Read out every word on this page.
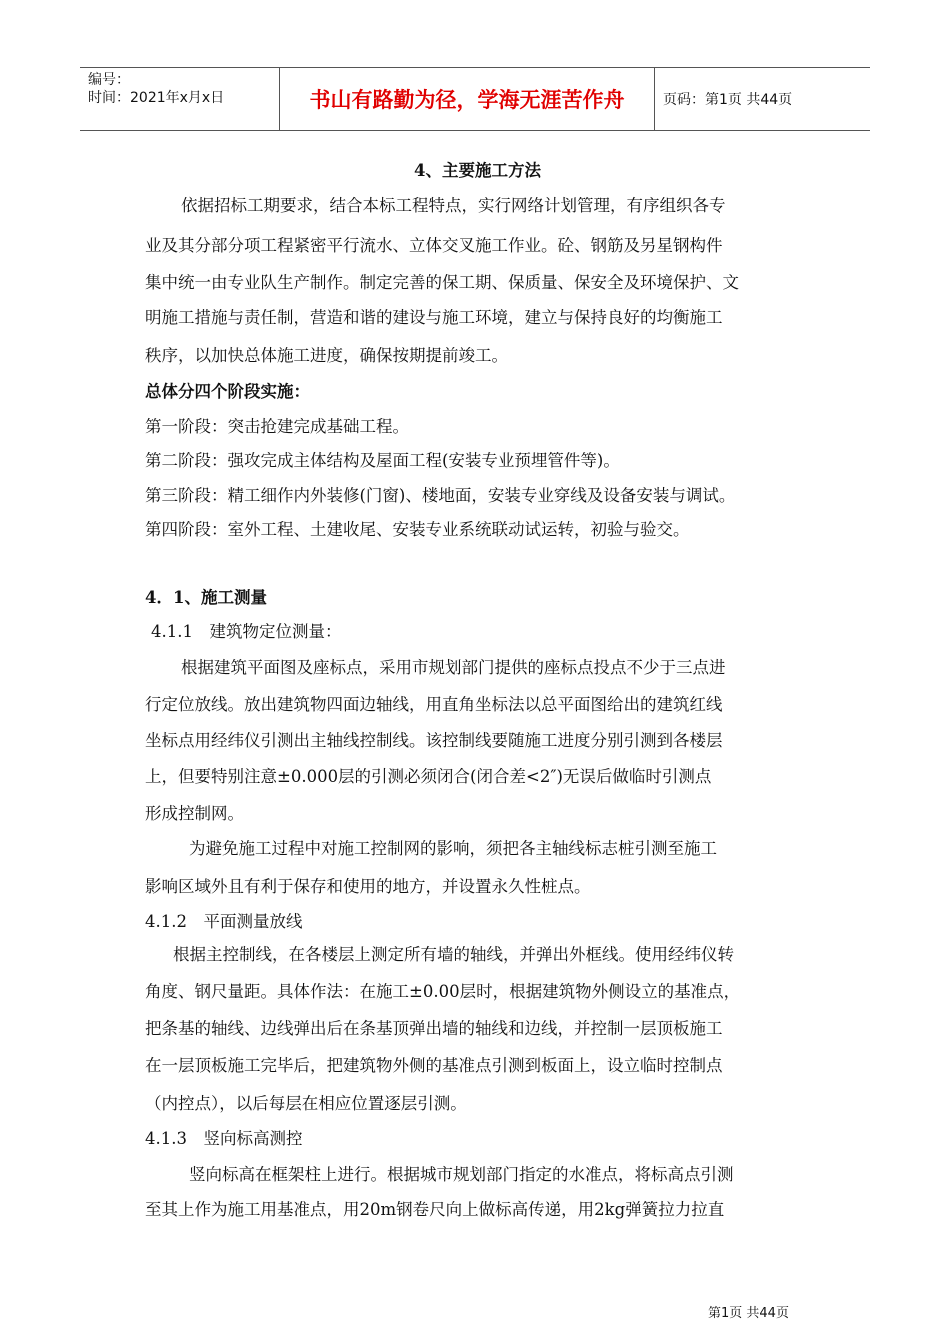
编号：
时间：2021年x月x日	书山有路勤为径，学海无涯苦作舟	页码：第1页 共44页
4、主要施工方法
依据招标工期要求，结合本标工程特点，实行网络计划管理，有序组织各专
业及其分部分项工程紧密平行流水、立体交叉施工作业。砼、钢筋及另星钢构件
集中统一由专业队生产制作。制定完善的保工期、保质量、保安全及环境保护、文
明施工措施与责任制，营造和谐的建设与施工环境，建立与保持良好的均衡施工
秩序，以加快总体施工进度，确保按期提前竣工。
总体分四个阶段实施：
第一阶段：突击抢建完成基础工程。
第二阶段：强攻完成主体结构及屋面工程(安装专业预埋管件等)。
第三阶段：精工细作内外装修(门窗)、楼地面，安装专业穿线及设备安装与调试。
第四阶段：室外工程、土建收尾、安装专业系统联动试运转，初验与验交。
4．1、施工测量
4.1.1　建筑物定位测量：
根据建筑平面图及座标点，采用市规划部门提供的座标点投点不少于三点进
行定位放线。放出建筑物四面边轴线，用直角坐标法以总平面图给出的建筑红线
坐标点用经纬仪引测出主轴线控制线。该控制线要随施工进度分别引测到各楼层
上，但要特别注意±0.000层的引测必须闭合(闭合差<2″)无误后做临时引测点
形成控制网。
为避免施工过程中对施工控制网的影响，须把各主轴线标志桩引测至施工
影响区域外且有利于保存和使用的地方，并设置永久性桩点。
4.1.2　平面测量放线
根据主控制线，在各楼层上测定所有墙的轴线，并弹出外框线。使用经纬仪转
角度、钢尺量距。具体作法：在施工±0.00层时，根据建筑物外侧设立的基准点，
把条基的轴线、边线弹出后在条基顶弹出墙的轴线和边线，并控制一层顶板施工
在一层顶板施工完毕后，把建筑物外侧的基准点引测到板面上，设立临时控制点
（内控点），以后每层在相应位置逐层引测。
4.1.3　竖向标高测控
竖向标高在框架柱上进行。根据城市规划部门指定的水准点，将标高点引测
至其上作为施工用基准点，用20m钢卷尺向上做标高传递，用2kg弹簧拉力拉直
第1页 共44页
